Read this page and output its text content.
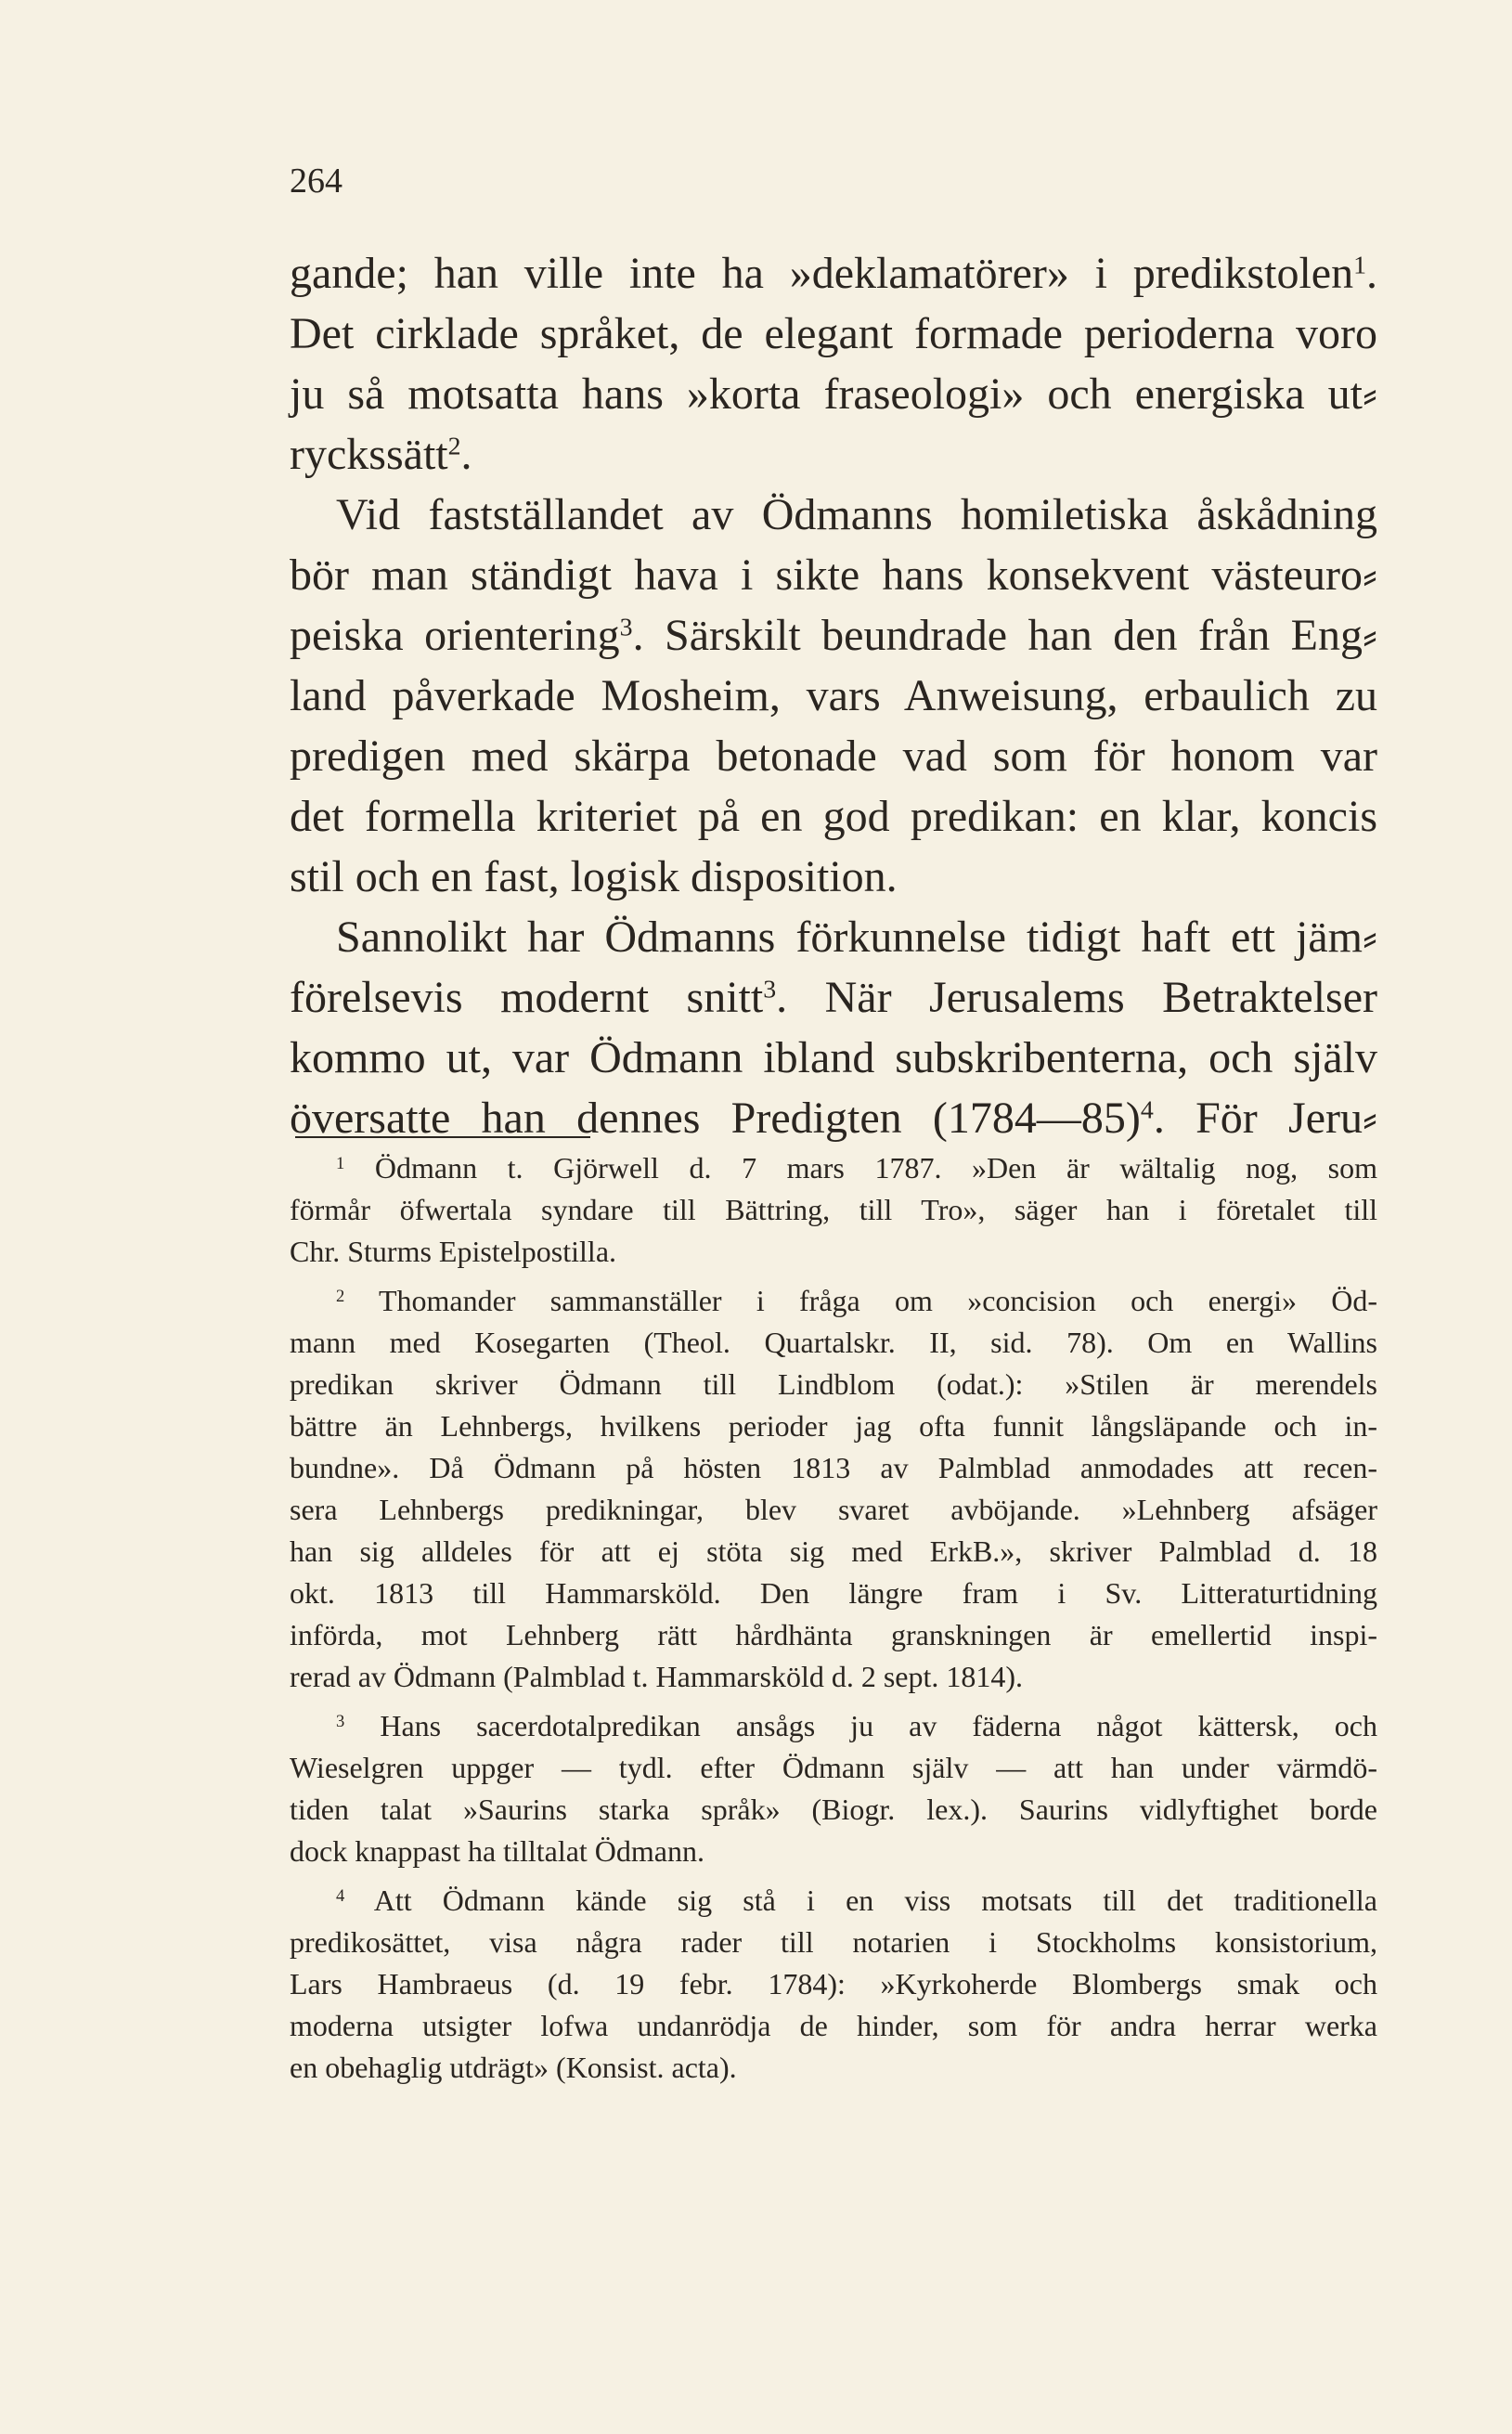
264
gande; han ville inte ha »deklamatörer» i predikstolen$^1$.
Det cirklade språket, de elegant formade perioderna voro
ju så motsatta hans »korta fraseologi» och energiska ut⸗
ryckssätt$^2$.
Vid fastställandet av Ödmanns homiletiska åskådning
bör man ständigt hava i sikte hans konsekvent västeuro⸗
peiska orientering$^3$. Särskilt beundrade han den från Eng⸗
land påverkade Mosheim, vars Anweisung, erbaulich zu
predigen med skärpa betonade vad som för honom var
det formella kriteriet på en god predikan: en klar, koncis
stil och en fast, logisk disposition.
Sannolikt har Ödmanns förkunnelse tidigt haft ett jäm⸗
förelsevis modernt snitt$^3$. När Jerusalems Betraktelser
kommo ut, var Ödmann ibland subskribenterna, och själv
översatte han dennes Predigten (1784—85)$^4$. För Jeru⸗
$^1$ Ödmann t. Gjörwell d. 7 mars 1787. »Den är wältalig nog, som
förmår öfwertala syndare till Bättring, till Tro», säger han i företalet till
Chr. Sturms Epistelpostilla.
$^2$ Thomander sammanställer i fråga om »concision och energi» Öd-
mann med Kosegarten (Theol. Quartalskr. II, sid. 78). Om en Wallins
predikan skriver Ödmann till Lindblom (odat.): »Stilen är merendels
bättre än Lehnbergs, hvilkens perioder jag ofta funnit långsläpande och in-
bundne». Då Ödmann på hösten 1813 av Palmblad anmodades att recen-
sera Lehnbergs predikningar, blev svaret avböjande. »Lehnberg afsäger
han sig alldeles för att ej stöta sig med ErkB.», skriver Palmblad d. 18
okt. 1813 till Hammarsköld. Den längre fram i Sv. Litteraturtidning
införda, mot Lehnberg rätt hårdhänta granskningen är emellertid inspi-
rerad av Ödmann (Palmblad t. Hammarsköld d. 2 sept. 1814).
$^3$ Hans sacerdotalpredikan ansågs ju av fäderna något kättersk, och
Wieselgren uppger — tydl. efter Ödmann själv — att han under värmdö-
tiden talat »Saurins starka språk» (Biogr. lex.). Saurins vidlyftighet borde
dock knappast ha tilltalat Ödmann.
$^4$ Att Ödmann kände sig stå i en viss motsats till det traditionella
predikosättet, visa några rader till notarien i Stockholms konsistorium,
Lars Hambraeus (d. 19 febr. 1784): »Kyrkoherde Blombergs smak och
moderna utsigter lofwa undanrödja de hinder, som för andra herrar werka
en obehaglig utdrägt» (Konsist. acta).
